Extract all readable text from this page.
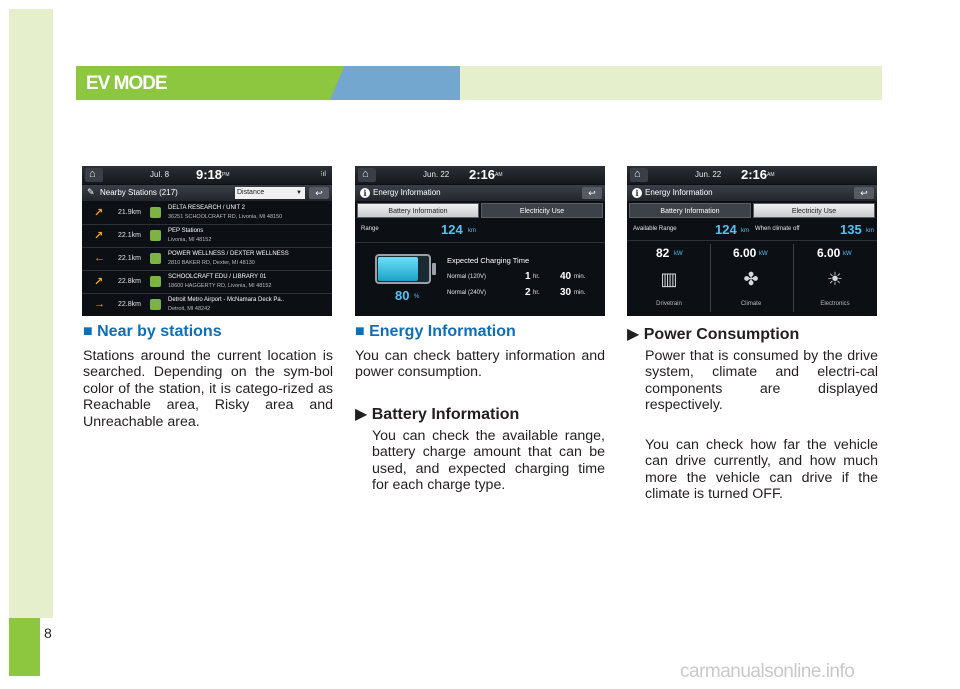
8
EV MODE
⌂	Jul. 8 9:18 PM	⁝ıl
✎ Nearby Stations (217)	Distance	▼	↩
↗ 21.9km
DELTA RESEARCH / UNIT 2
36251 SCHOOLCRAFT RD, Livonia, MI 48150
↗ 22.1km
PEP Stations
Livonia, MI 48152
← 22.1km
POWER WELLNESS / DEXTER WELLNESS
2810 BAKER RD, Dexter, MI 48130
↗ 22.8km
SCHOOLCRAFT EDU / LIBRARY 01
18600 HAGGERTY RD, Livonia, MI 48152
→ 22.8km
Detroit Metro Airport - McNamara Deck Pa..
Detroit, MI 48242
⌂	Jun. 22 2:16 AM
i Energy Information	↩
Battery Information	Electricity Use
Range	124 km
80 %
Expected Charging Time
Normal (120V)	1 hr. 40 min.
Normal (240V)	2 hr. 30 min.
⌂	Jun. 22 2:16 AM
i Energy Information	↩
Battery Information	Electricity Use
Available Range	124 km When climate off	135 km
82 kW
▥
Drivetrain
6.00 kW
✤
Climate
6.00 kW
☀
Electronics
■ Near by stations
Stations around the current location is searched. Depending on the sym-bol color of the station, it is catego-rized as Reachable area, Risky area and Unreachable area.
■ Energy Information
You can check battery information and power consumption.
▶ Battery Information
You can check the available range, battery charge amount that can be used, and expected charging time for each charge type.
▶ Power Consumption
Power that is consumed by the drive system, climate and electri-cal components are displayed respectively.
You can check how far the vehicle can drive currently, and how much more the vehicle can drive if the climate is turned OFF.
carmanualsonline.info
